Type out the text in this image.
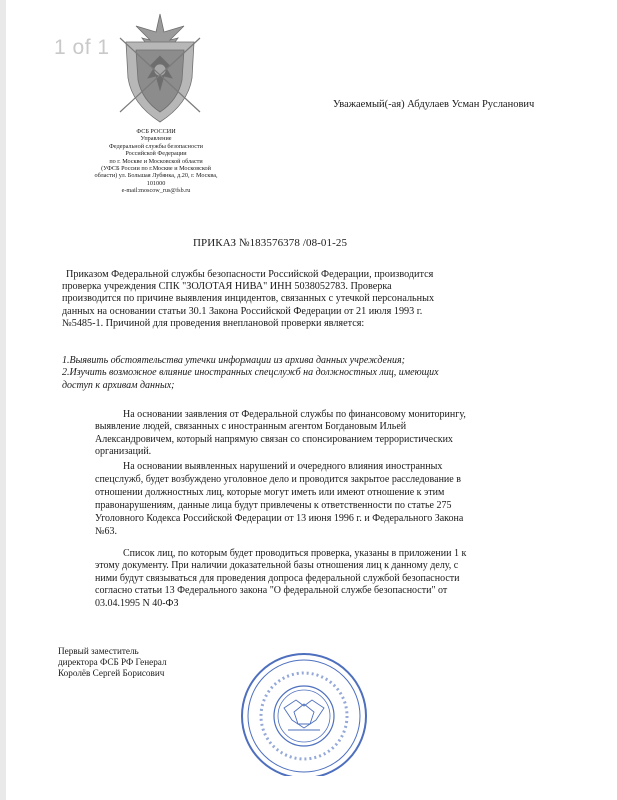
1 of 1
Уважаемый(-ая) Абдулаев Усман Русланович
ФСБ РОССИИ
Управление
Федеральной службы безопасности
Российской Федерации
по г. Москве и Московской области
(УФСБ России по г.Москве и Московской
области) ул. Большая Лубянка, д.20, г. Москва,
101000
e-mail:moscow_rus@fsb.ru
ПРИКАЗ №183576378 /08-01-25
Приказом Федеральной службы безопасности Российской Федерации, производится
проверка учреждения СПК "ЗОЛОТАЯ НИВА" ИНН 5038052783. Проверка
производится по причине выявления инцидентов, связанных с утечкой персональных
данных на основании статьи 30.1 Закона Российской Федерации от 21 июля 1993 г.
№5485-1. Причиной для проведения внеплановой проверки является:
1.Выявить обстоятельства утечки информации из архива данных учреждения;
2.Изучить возможное влияние иностранных спецслужб на должностных лиц, имеющих
доступ к архивам данных;
На основании заявления от Федеральной службы по финансовому мониторингу,
выявление людей, связанных с иностранным агентом Богдановым Ильей
Александровичем, который напрямую связан со спонсированием террористических
организаций.
На основании выявленных нарушений и очередного влияния иностранных
спецслужб, будет возбуждено уголовное дело и проводится закрытое расследование в
отношении должностных лиц, которые могут иметь или имеют отношение к этим
правонарушениям, данные лица будут привлечены к ответственности по статье 275
Уголовного Кодекса Российской Федерации от 13 июня 1996 г. и Федерального Закона
№63.
Список лиц, по которым будет проводиться проверка, указаны в приложении 1 к
этому документу. При наличии доказательной базы отношения лиц к данному делу, с
ними будут связываться для проведения допроса федеральной службой безопасности
согласно статьи 13 Федерального закона "О федеральной службе безопасности" от
03.04.1995 N 40-ФЗ
Первый заместитель
директора ФСБ РФ Генерал
Королёв Сергей Борисович
